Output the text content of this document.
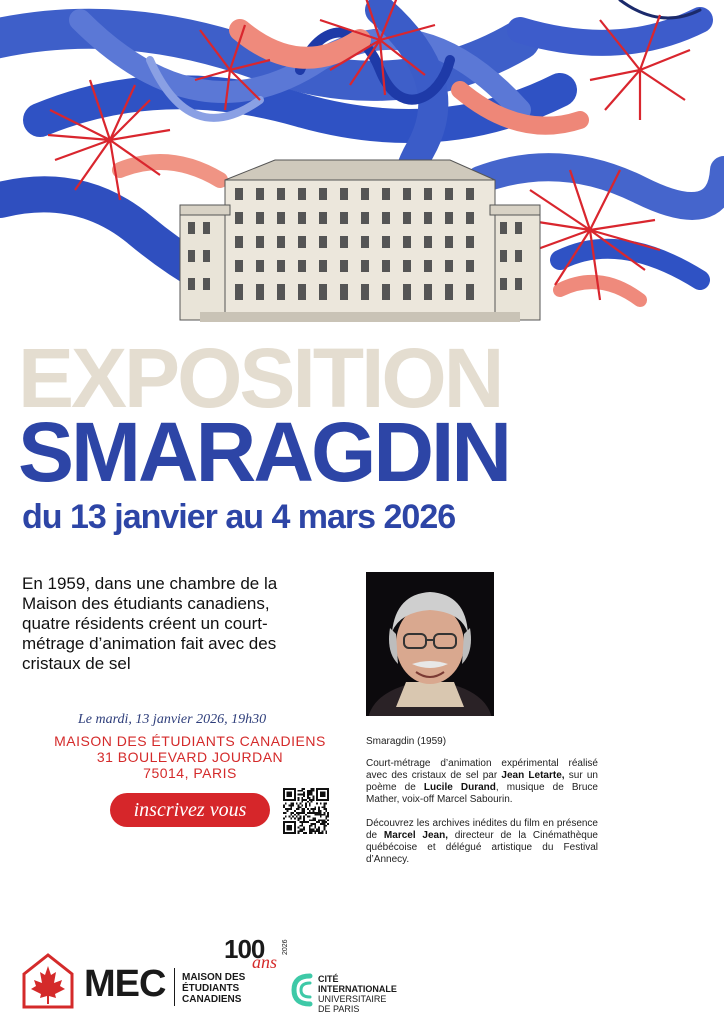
EXPOSITION
SMARAGDIN
du 13 janvier au 4 mars 2026
En 1959, dans une chambre de la Maison des étudiants canadiens, quatre résidents créent un court-métrage d’animation fait avec des cristaux de sel
Le mardi, 13 janvier 2026, 19h30
MAISON DES ÉTUDIANTS CANADIENS
31 BOULEVARD JOURDAN
75014, PARIS
inscrivez vous
Smaragdin (1959)

Court-métrage d’animation expérimental réalisé avec des cristaux de sel par Jean Letarte, sur un poème de Lucile Durand, musique de Bruce Mather, voix-off Marcel Sabourin.

Découvrez les archives inédites du film en présence de Marcel Jean, directeur de la Cinémathèque québécoise et délégué artistique du Festival d’Annecy.

MEC MAISON DES
ÉTUDIANTS
CANADIENS
100
ans
2026
CITÉ
INTERNATIONALE
UNIVERSITAIRE
DE PARIS
